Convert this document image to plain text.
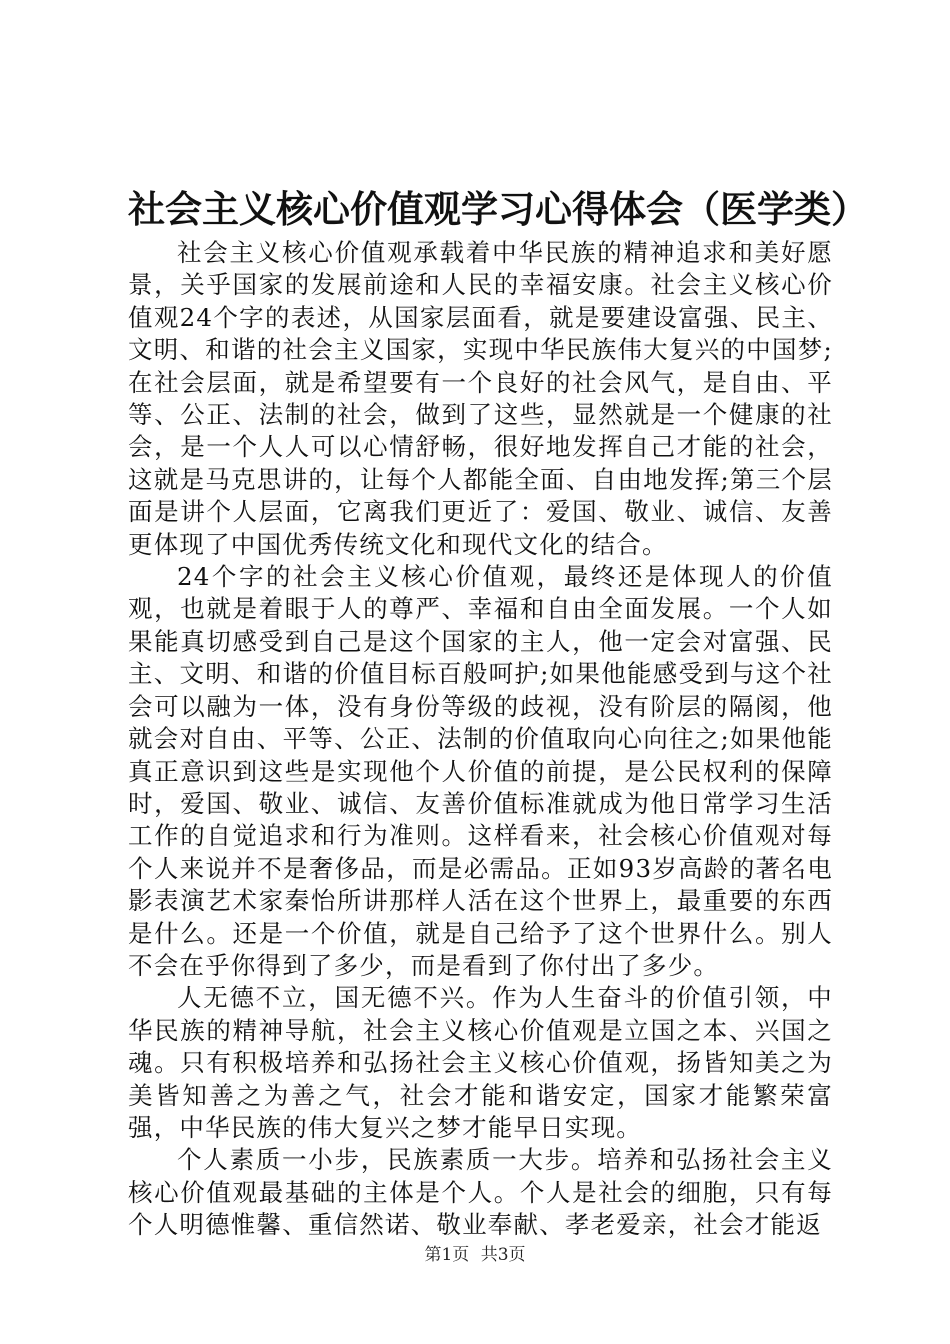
社会主义核心价值观学习心得体会（医学类）

社会主义核心价值观承载着中华民族的精神追求和美好愿景，关乎国家的发展前途和人民的幸福安康。社会主义核心价值观24个字的表述，从国家层面看，就是要建设富强、民主、文明、和谐的社会主义国家，实现中华民族伟大复兴的中国梦;在社会层面，就是希望要有一个良好的社会风气，是自由、平等、公正、法制的社会，做到了这些，显然就是一个健康的社会，是一个人人可以心情舒畅，很好地发挥自己才能的社会，这就是马克思讲的，让每个人都能全面、自由地发挥;第三个层面是讲个人层面，它离我们更近了：爱国、敬业、诚信、友善更体现了中国优秀传统文化和现代文化的结合。

24个字的社会主义核心价值观，最终还是体现人的价值观，也就是着眼于人的尊严、幸福和自由全面发展。一个人如果能真切感受到自己是这个国家的主人，他一定会对富强、民主、文明、和谐的价值目标百般呵护;如果他能感受到与这个社会可以融为一体，没有身份等级的歧视，没有阶层的隔阂，他就会对自由、平等、公正、法制的价值取向心向往之;如果他能真正意识到这些是实现他个人价值的前提，是公民权利的保障时，爱国、敬业、诚信、友善价值标准就成为他日常学习生活工作的自觉追求和行为准则。这样看来，社会核心价值观对每个人来说并不是奢侈品，而是必需品。正如93岁高龄的著名电影表演艺术家秦怡所讲那样人活在这个世界上，最重要的东西是什么。还是一个价值，就是自己给予了这个世界什么。别人不会在乎你得到了多少，而是看到了你付出了多少。

人无德不立，国无德不兴。作为人生奋斗的价值引领，中华民族的精神导航，社会主义核心价值观是立国之本、兴国之魂。只有积极培养和弘扬社会主义核心价值观，扬皆知美之为美皆知善之为善之气，社会才能和谐安定，国家才能繁荣富强，中华民族的伟大复兴之梦才能早日实现。

个人素质一小步，民族素质一大步。培养和弘扬社会主义核心价值观最基础的主体是个人。个人是社会的细胞，只有每个人明德惟馨、重信然诺、敬业奉献、孝老爱亲，社会才能返

第1页 共3页
